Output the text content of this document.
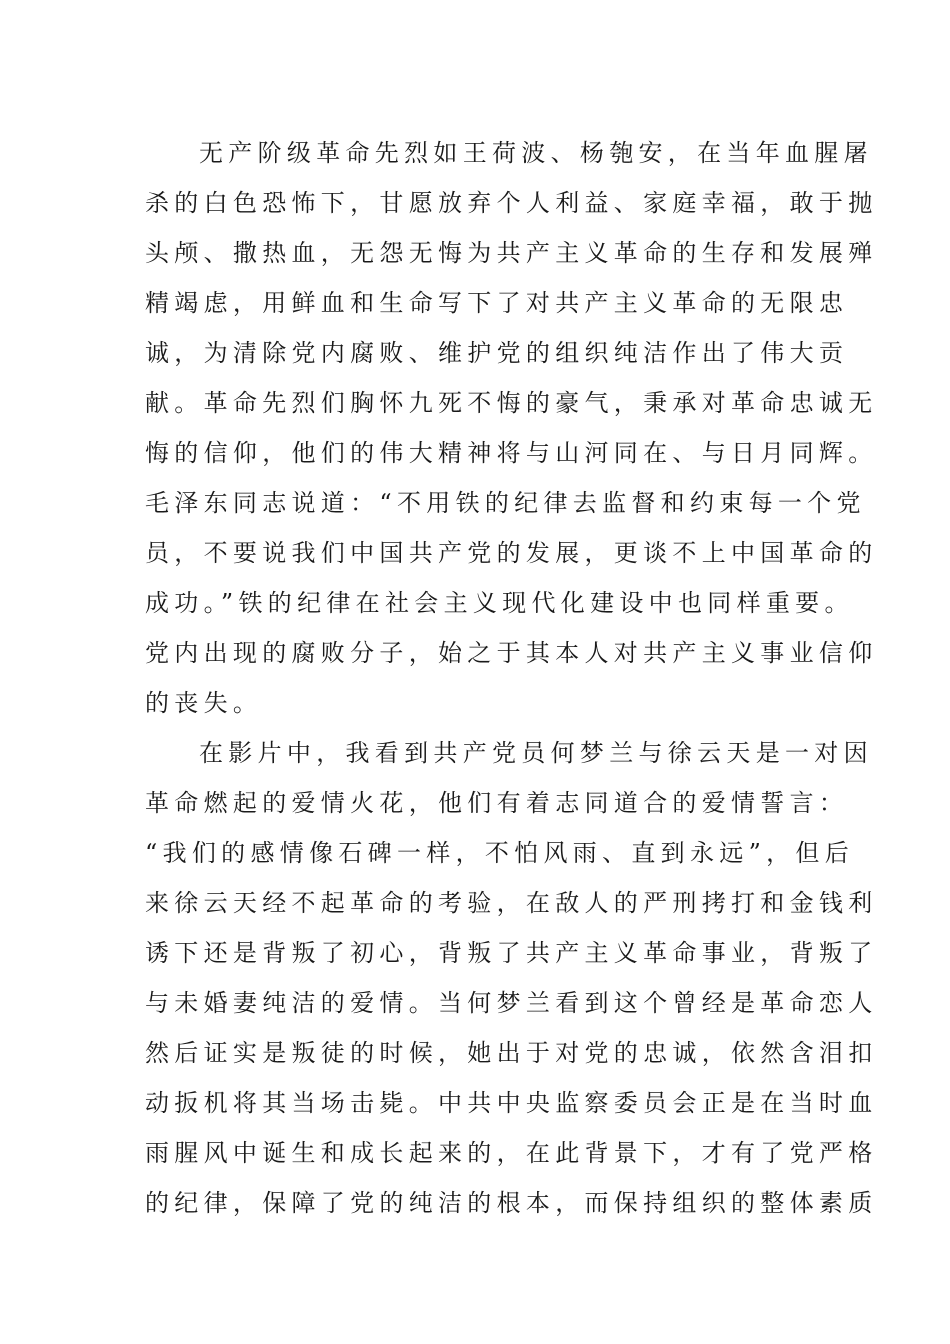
无产阶级革命先烈如王荷波、杨匏安，在当年血腥屠
杀的白色恐怖下，甘愿放弃个人利益、家庭幸福，敢于抛
头颅、撒热血，无怨无悔为共产主义革命的生存和发展殚
精竭虑，用鲜血和生命写下了对共产主义革命的无限忠
诚，为清除党内腐败、维护党的组织纯洁作出了伟大贡
献。革命先烈们胸怀九死不悔的豪气，秉承对革命忠诚无
悔的信仰，他们的伟大精神将与山河同在、与日月同辉。
毛泽东同志说道：“不用铁的纪律去监督和约束每一个党
员，不要说我们中国共产党的发展，更谈不上中国革命的
成功。”铁的纪律在社会主义现代化建设中也同样重要。
党内出现的腐败分子，始之于其本人对共产主义事业信仰
的丧失。
在影片中，我看到共产党员何梦兰与徐云天是一对因
革命燃起的爱情火花，他们有着志同道合的爱情誓言：
“我们的感情像石碑一样，不怕风雨、直到永远”，但后
来徐云天经不起革命的考验，在敌人的严刑拷打和金钱利
诱下还是背叛了初心，背叛了共产主义革命事业，背叛了
与未婚妻纯洁的爱情。当何梦兰看到这个曾经是革命恋人
然后证实是叛徒的时候，她出于对党的忠诚，依然含泪扣
动扳机将其当场击毙。中共中央监察委员会正是在当时血
雨腥风中诞生和成长起来的，在此背景下，才有了党严格
的纪律，保障了党的纯洁的根本，而保持组织的整体素质
